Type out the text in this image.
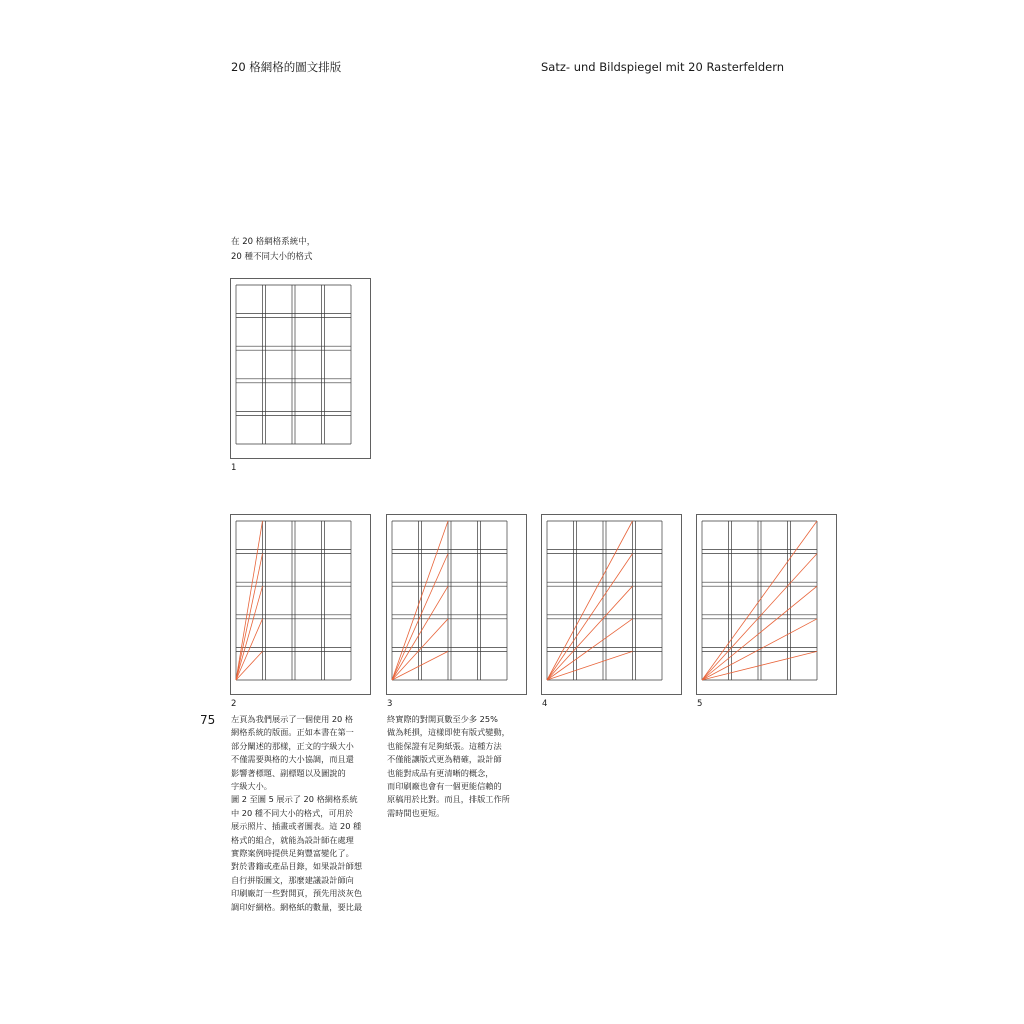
20 格網格的圖文排版	Satz- und Bildspiegel mit 20 Rasterfeldern
在 20 格網格系統中，
20 種不同大小的格式
1
2	3	4	5
75 左頁為我們展示了一個使用 20 格

網格系統的版面。正如本書在第一

部分闡述的那樣，正文的字級大小

不僅需要與格的大小協調，而且還

影響著標題、副標題以及圖說的

字級大小。

圖 2 至圖 5 展示了 20 格網格系統

中 20 種不同大小的格式，可用於

展示照片、插畫或者圖表。這 20 種

格式的組合，就能為設計師在處理

實際案例時提供足夠豐富變化了。

對於書籍或產品目錄，如果設計師想

自行拼版圖文，那麼建議設計師向

印刷廠訂一些對開頁，預先用淡灰色

調印好網格。網格紙的數量，要比最

終實際的對開頁數至少多 25%

做為耗損，這樣即使有版式變動，

也能保證有足夠紙張。這種方法

不僅能讓版式更為精確，設計師

也能對成品有更清晰的概念，

而印刷廠也會有一個更能信賴的

原稿用於比對。而且，排版工作所

需時間也更短。
